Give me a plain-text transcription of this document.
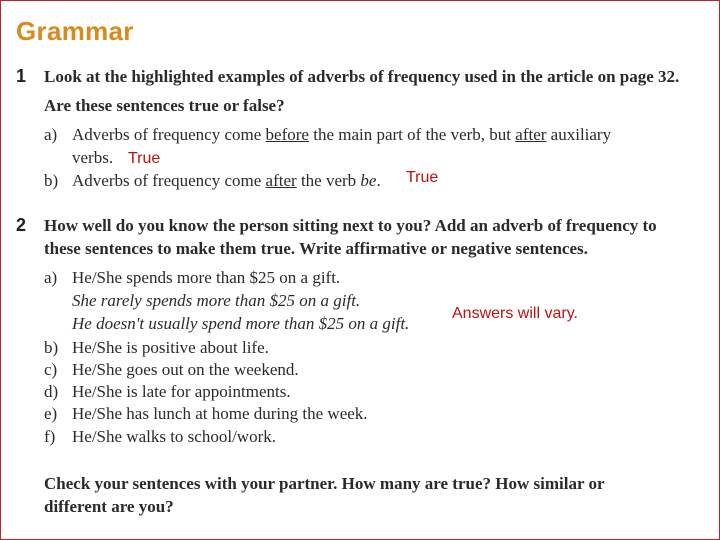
Grammar
1 Look at the highlighted examples of adverbs of frequency used in the article on page 32.
Are these sentences true or false?
a) Adverbs of frequency come before the main part of the verb, but after auxiliary
verbs. True
b) Adverbs of frequency come after the verb be. True
2 How well do you know the person sitting next to you? Add an adverb of frequency to
these sentences to make them true. Write affirmative or negative sentences.
a) He/She spends more than $25 on a gift.
She rarely spends more than $25 on a gift.
He doesn't usually spend more than $25 on a gift.
Answers will vary.
b) He/She is positive about life.
c) He/She goes out on the weekend.
d) He/She is late for appointments.
e) He/She has lunch at home during the week.
f) He/She walks to school/work.
Check your sentences with your partner. How many are true? How similar or
different are you?
